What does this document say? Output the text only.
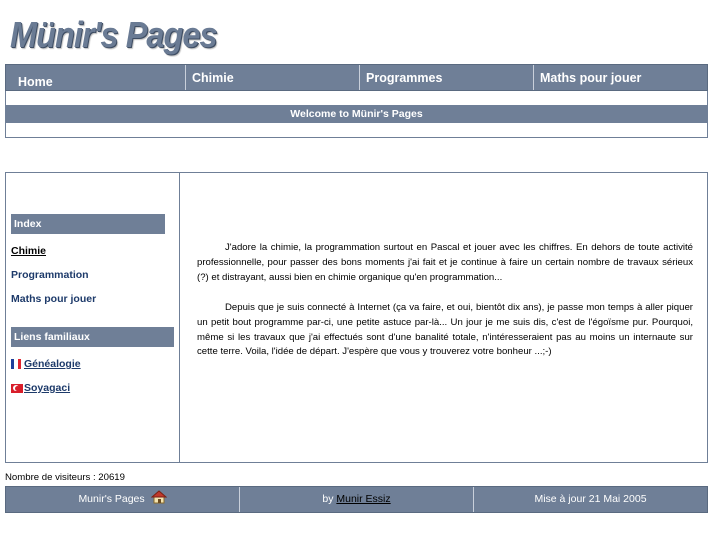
Münir's Pages
Home	Chimie	Programmes	Maths pour jouer
Welcome to Münir's Pages
Index
Chimie
Programmation
Maths pour jouer
Liens familiaux
Généalogie
Soyagaci

J'adore la chimie, la programmation surtout en Pascal et jouer avec les chiffres. En dehors de toute activité professionnelle, pour passer des bons moments j'ai fait et je continue à faire un certain nombre de travaux sérieux (?) et distrayant, aussi bien en chimie organique qu'en programmation...

Depuis que je suis connecté à Internet (ça va faire, et oui, bientôt dix ans), je passe mon temps à aller piquer un petit bout programme par-ci, une petite astuce par-là... Un jour je me suis dis, c'est de l'égoïsme pur. Pourquoi, même si les travaux que j'ai effectués sont d'une banalité totale, n'intéresseraient pas au moins un internaute sur cette terre. Voila, l'idée de départ. J'espère que vous y trouverez votre bonheur ...;-)

Nombre de visiteurs : 20619
Munir's Pages	by Munir Essiz	Mise à jour 21 Mai 2005
